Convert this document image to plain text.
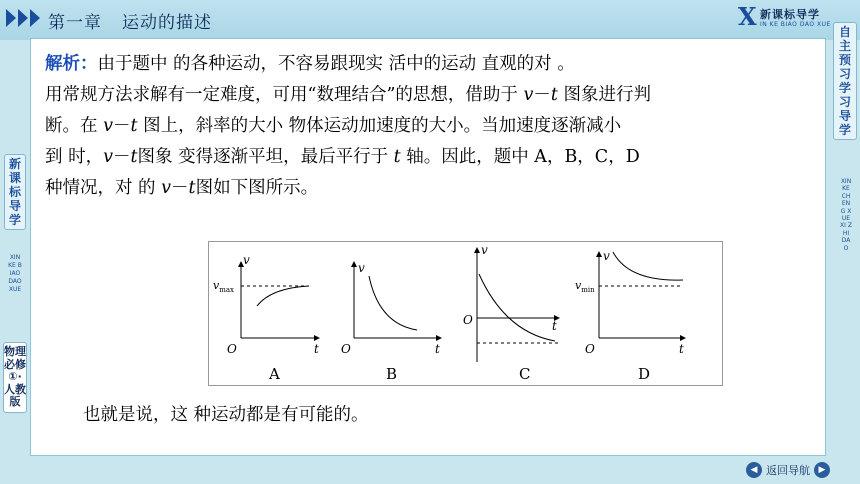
第一章 运动的描述	X 新课标导学
IN KE BIAO DAO XUE
新课标导学
XIN KE BIAO DAO XUE
物理必修①·人教版
自主预习学习导学
XIN KE CHENG XUE XI ZHI DAO
解析：由于题中 的各种运动，不容易跟现实 活中的运动 直观的对 。
用常规方法求解有一定难度，可用“数理结合”的思想，借助于 v－t 图象进行判
断。在 v－t 图上，斜率的大小 物体运动加速度的大小。当加速度逐渐减小
到 时，v－t图象 变得逐渐平坦，最后平行于 t 轴。因此，题中 A，B，C，D
种情况，对 的 v－t图如下图所示。
v
t
O
$v_{max}$
v
t
O
v
t
O
v
t
O
$v_{min}$
A	B	C	D
也就是说，这 种运动都是有可能的。
◀ 返回导航 ▶
